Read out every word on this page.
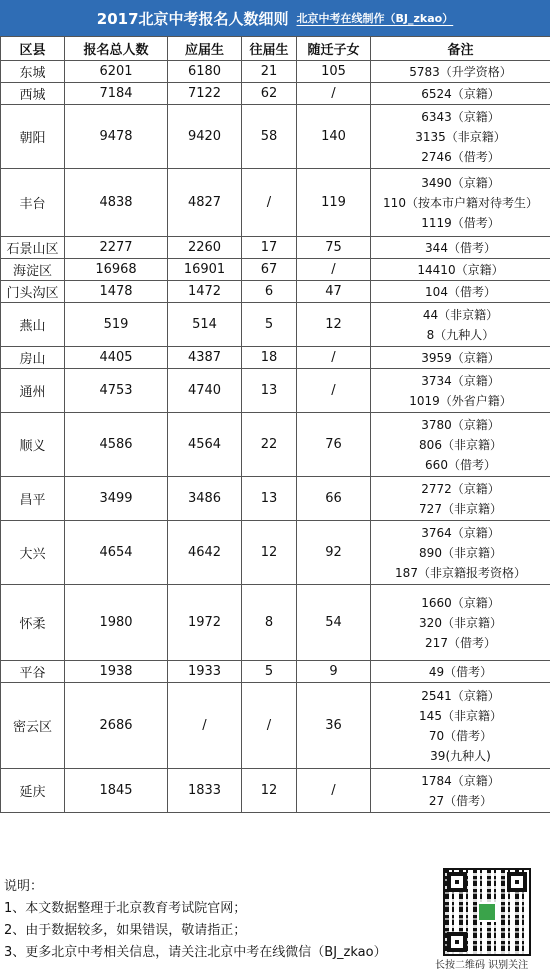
2017北京中考报名人数细则 北京中考在线制作（BJ_zkao）
区县	报名总人数	应届生	往届生	随迁子女	备注
东城	6201	6180	21	105	5783（升学资格）

西城	7184	7122	62	/	6524（京籍）

朝阳	9478	9420	58	140	6343（京籍）
3135（非京籍）
2746（借考）

丰台	4838	4827	/	119	3490（京籍）
110（按本市户籍对待考生）
1119（借考）

石景山区	2277	2260	17	75	344（借考）

海淀区	16968	16901	67	/	14410（京籍）

门头沟区	1478	1472	6	47	104（借考）

燕山	519	514	5	12	44（非京籍）
8（九种人）

房山	4405	4387	18	/	3959（京籍）

通州	4753	4740	13	/	3734（京籍）
1019（外省户籍）

顺义	4586	4564	22	76	3780（京籍）
806（非京籍）
660（借考）

昌平	3499	3486	13	66	2772（京籍）
727（非京籍）

大兴	4654	4642	12	92	3764（京籍）
890（非京籍）
187（非京籍报考资格）

怀柔	1980	1972	8	54	1660（京籍）
320（非京籍）
217（借考）

平谷	1938	1933	5	9	49（借考）

密云区	2686	/	/	36	2541（京籍）
145（非京籍）
70（借考）
39(九种人)

延庆	1845	1833	12	/	1784（京籍）
27（借考）
说明：
1、本文数据整理于北京教育考试院官网；
2、由于数据较多，如果错误，敬请指正；
3、更多北京中考相关信息，请关注北京中考在线微信（BJ_zkao）
长按二维码 识别关注
